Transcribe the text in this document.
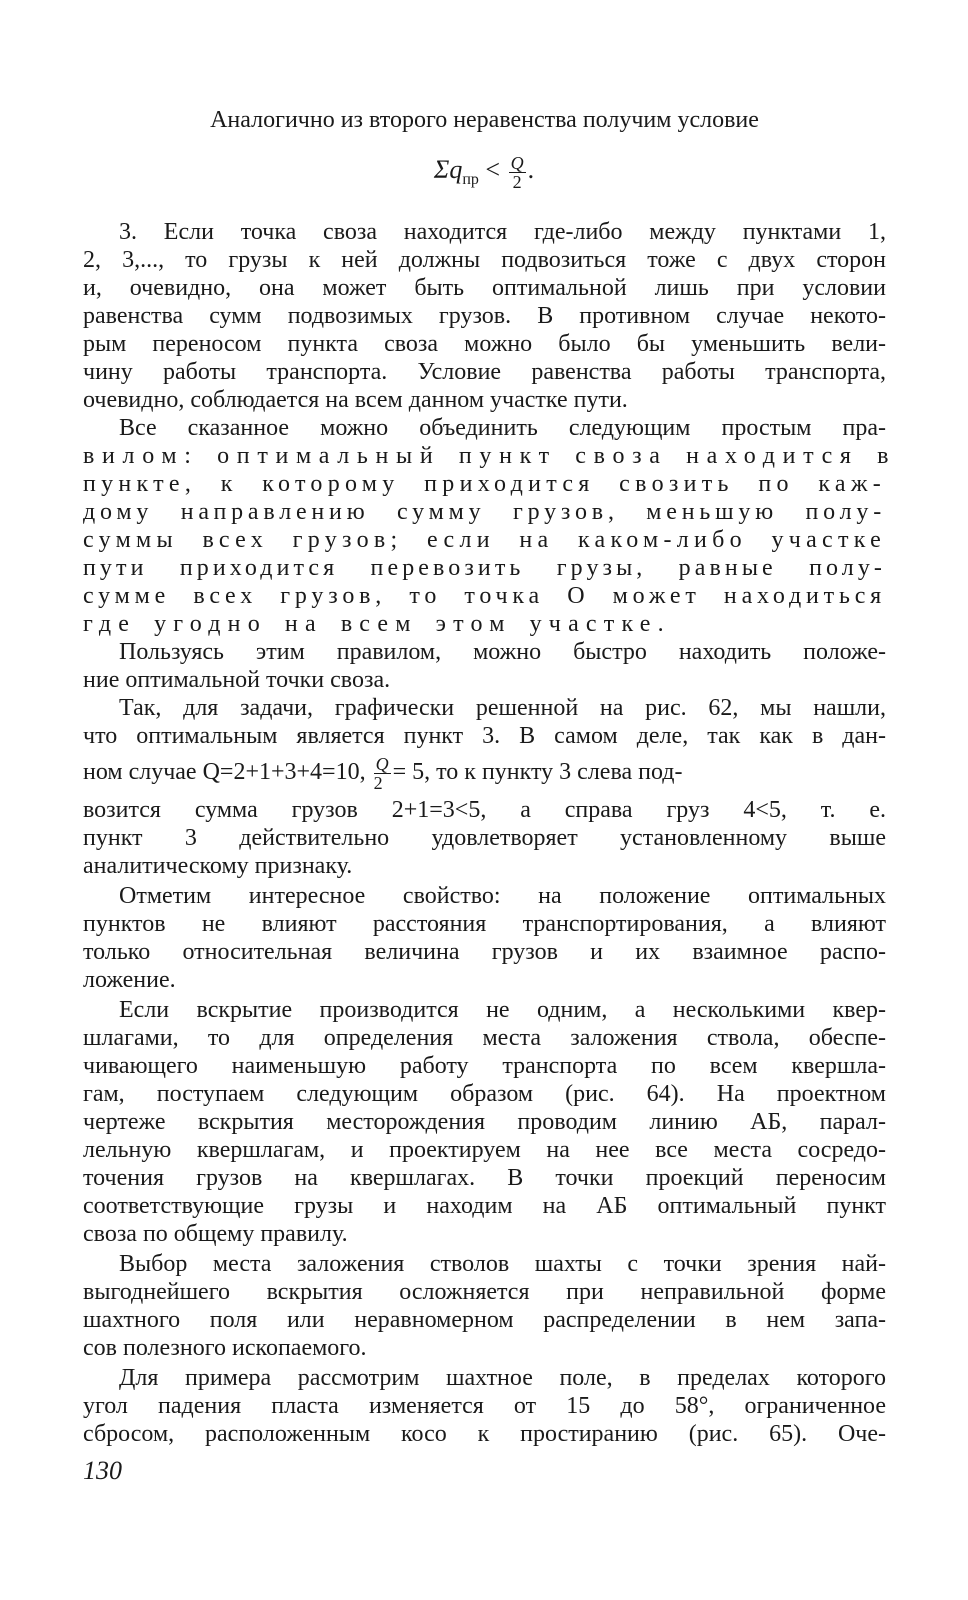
Аналогично из второго неравенства получим условие
$\Sigma q_{пр} < \frac{Q}{2}$ .
3. Если точка своза находится где-либо между пунктами 1,
2, 3,..., то грузы к ней должны подвозиться тоже с двух сторон
и, очевидно, она может быть оптимальной лишь при условии
равенства сумм подвозимых грузов. В противном случае некото-
рым переносом пункта своза можно было бы уменьшить вели-
чину работы транспорта. Условие равенства работы транспорта,
очевидно, соблюдается на всем данном участке пути.
Все сказанное можно объединить следующим простым пра-
вилом: оптимальный пункт своза находится в
пункте, к которому приходится свозить по каж-
дому направлению сумму грузов, меньшую полу-
суммы всех грузов; если на каком-либо участке
пути приходится перевозить грузы, равные полу-
сумме всех грузов, то точка О может находиться
где угодно на всем этом участке.
Пользуясь этим правилом, можно быстро находить положе-
ние оптимальной точки своза.
Так, для задачи, графически решенной на рис. 62, мы нашли,
что оптимальным является пункт 3. В самом деле, так как в дан-
ном случае Q=2+1+3+4=10, $\frac{Q}{2} = 5$, то к пункту 3 слева под-
возится сумма грузов 2+1=3<5, а справа груз 4<5, т. е.
пункт 3 действительно удовлетворяет установленному выше
аналитическому признаку.
Отметим интересное свойство: на положение оптимальных
пунктов не влияют расстояния транспортирования, а влияют
только относительная величина грузов и их взаимное распо-
ложение.
Если вскрытие производится не одним, а несколькими квер-
шлагами, то для определения места заложения ствола, обеспе-
чивающего наименьшую работу транспорта по всем квершла-
гам, поступаем следующим образом (рис. 64). На проектном
чертеже вскрытия месторождения проводим линию АБ, парал-
лельную квершлагам, и проектируем на нее все места сосредо-
точения грузов на квершлагах. В точки проекций переносим
соответствующие грузы и находим на АБ оптимальный пункт
своза по общему правилу.
Выбор места заложения стволов шахты с точки зрения най-
выгоднейшего вскрытия осложняется при неправильной форме
шахтного поля или неравномерном распределении в нем запа-
сов полезного ископаемого.
Для примера рассмотрим шахтное поле, в пределах которого
угол падения пласта изменяется от 15 до 58°, ограниченное
сбросом, расположенным косо к простиранию (рис. 65). Оче-
130
